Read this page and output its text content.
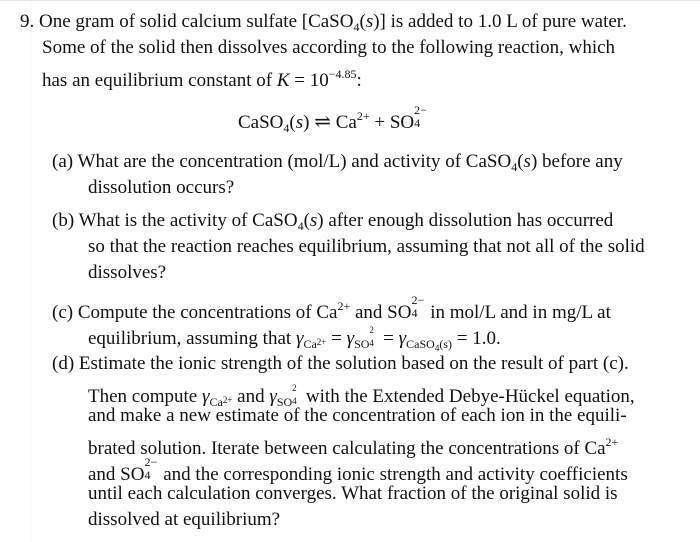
9. One gram of solid calcium sulfate [CaSO$_4$(s)] is added to 1.0 L of pure water.
Some of the solid then dissolves according to the following reaction, which
has an equilibrium constant of $K = 10^{-4.85}$:
CaSO$_4$(s) ⇌ $Ca^{2+}$ + SO
2−
4
(a) What are the concentration (mol/L) and activity of CaSO$_4$(s) before any
dissolution occurs?
(b) What is the activity of CaSO$_4$(s) after enough dissolution has occurred
so that the reaction reaches equilibrium, assuming that not all of the solid
dissolves?
(c) Compute the concentrations of $Ca^{2+}$ and SO
2−
4 in mol/L and in mg/L at
equilibrium, assuming that $\gamma_{Ca}2+ = \gamma_{SO}$
2
$4 = \gamma_{CaSO4(s)} = 1.0$.
(d) Estimate the ionic strength of the solution based on the result of part (c).
Then compute $\gamma_{Ca}2+$ and $\gamma_{SO}$
2
4 with the Extended Debye-Hückel equation,
and make a new estimate of the concentration of each ion in the equili-
brated solution. Iterate between calculating the concentrations of $Ca^{2+}$
and SO
2−
4 and the corresponding ionic strength and activity coefficients
until each calculation converges. What fraction of the original solid is
dissolved at equilibrium?
